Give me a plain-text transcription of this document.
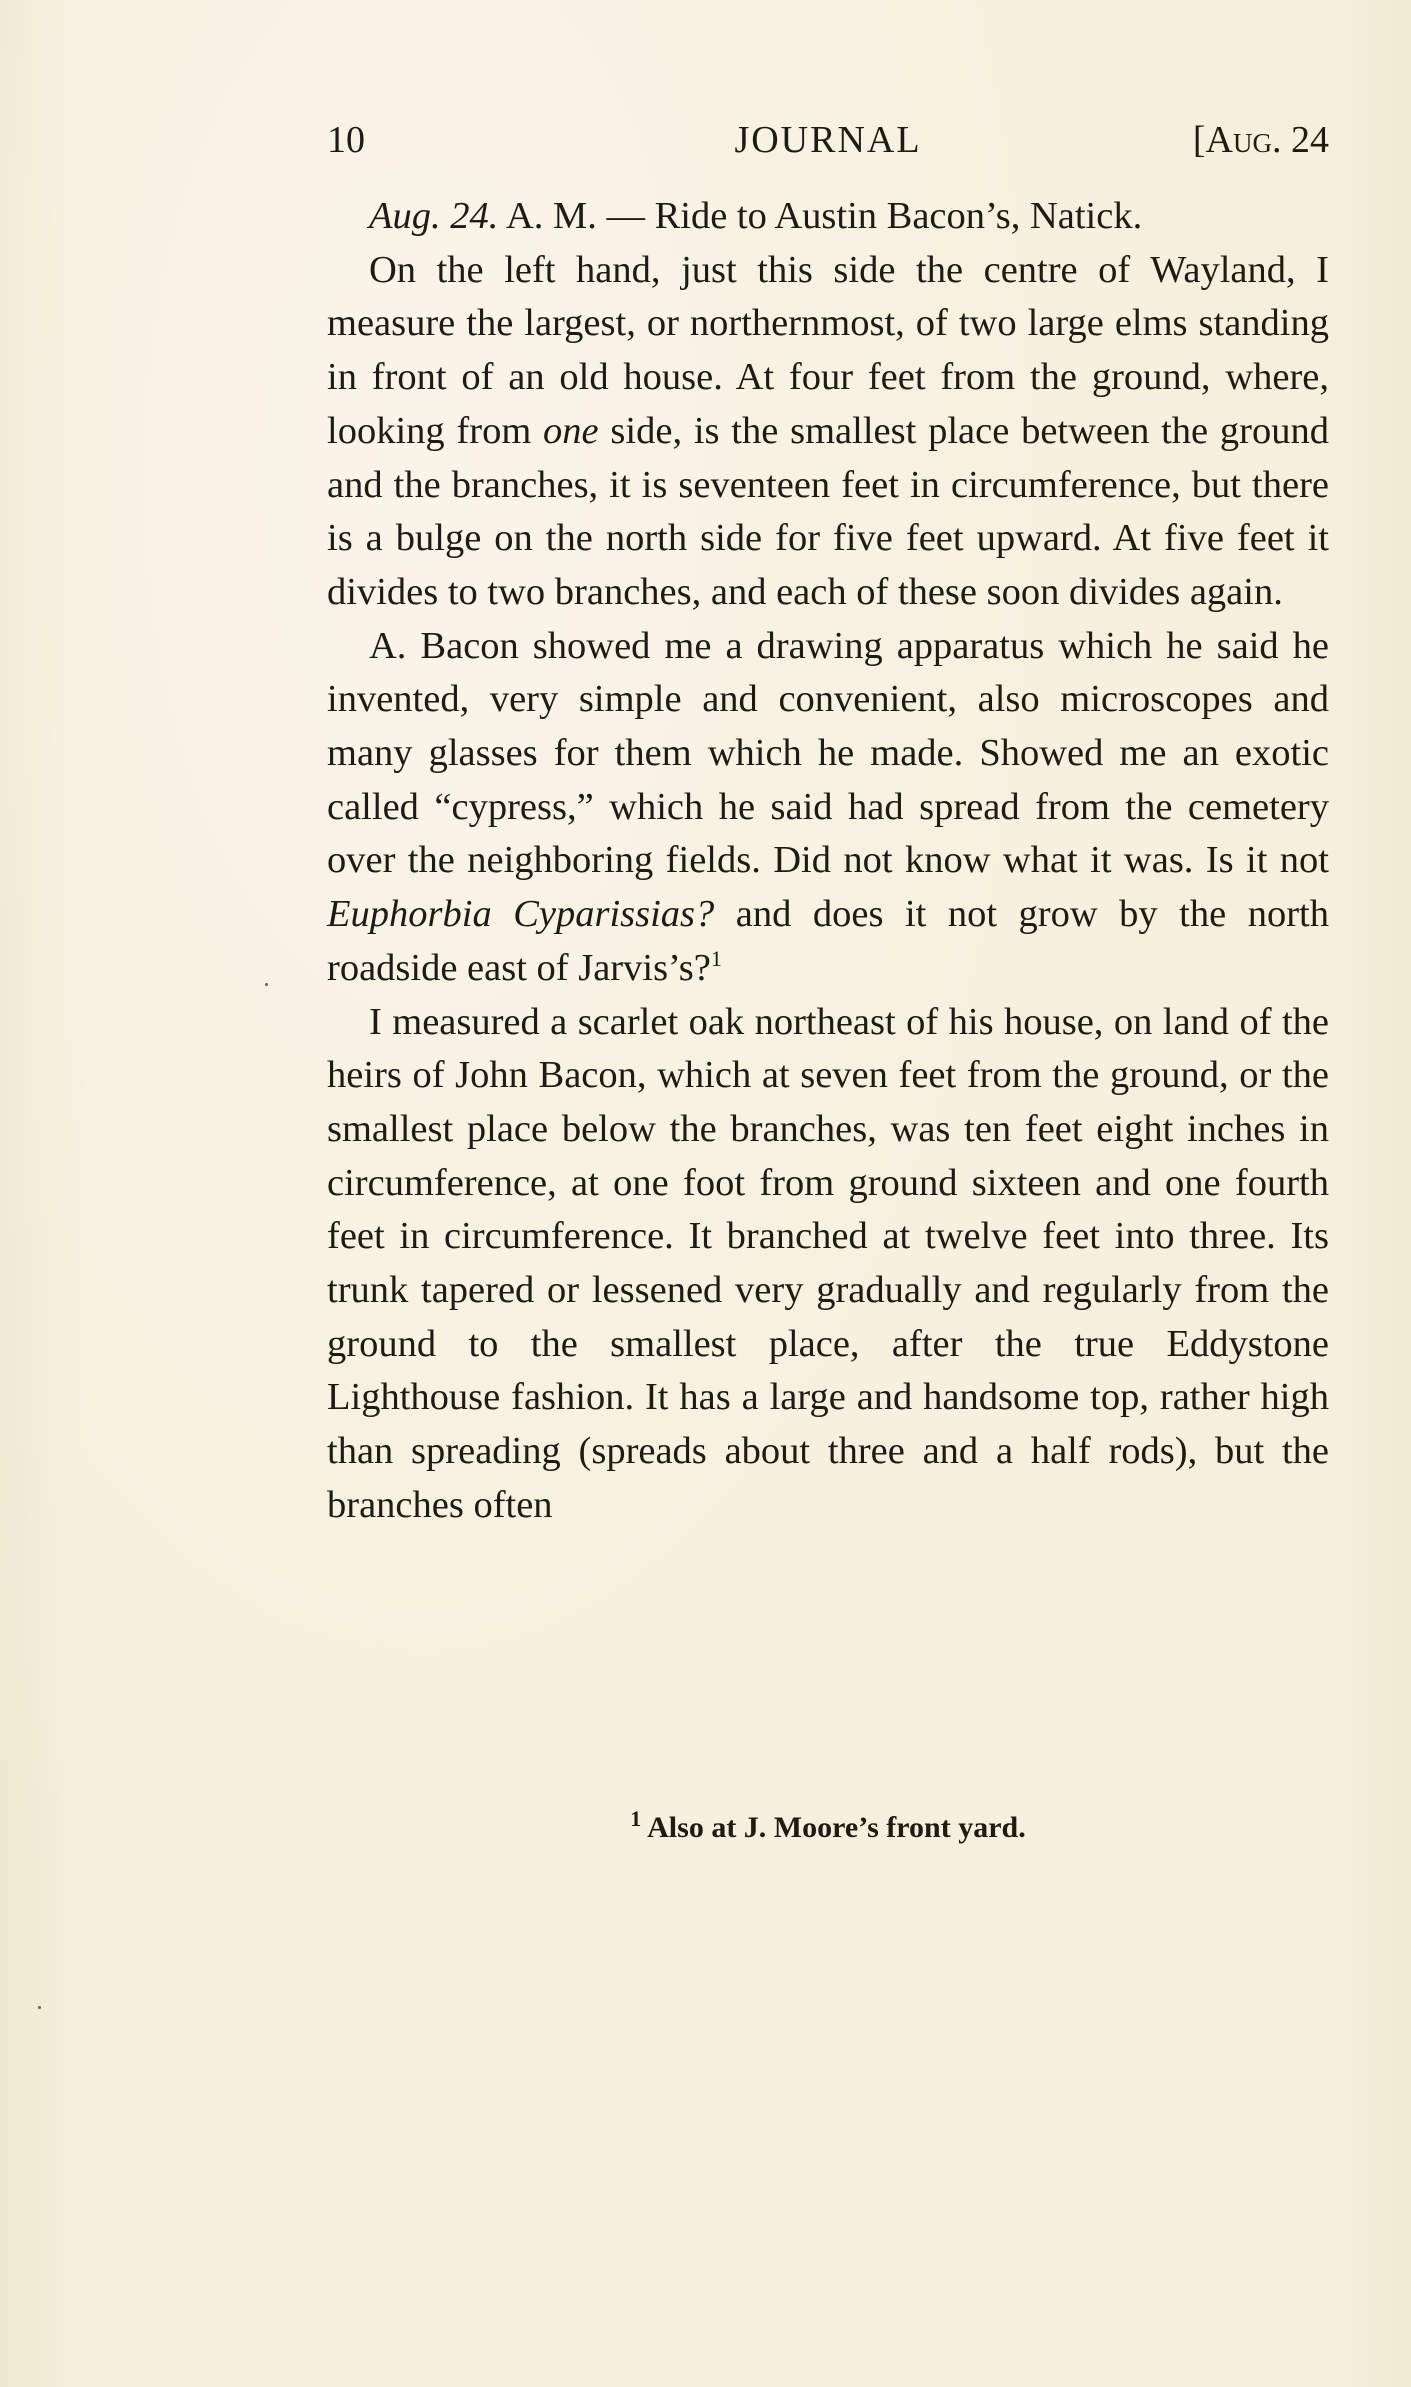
10	JOURNAL	[Aug. 24

Aug. 24. A. M. — Ride to Austin Bacon’s, Natick.

On the left hand, just this side the centre of Wayland, I measure the largest, or northernmost, of two large elms standing in front of an old house. At four feet from the ground, where, looking from one side, is the smallest place between the ground and the branches, it is seventeen feet in circumference, but there is a bulge on the north side for five feet upward. At five feet it divides to two branches, and each of these soon divides again.

A. Bacon showed me a drawing apparatus which he said he invented, very simple and convenient, also microscopes and many glasses for them which he made. Showed me an exotic called “cypress,” which he said had spread from the cemetery over the neighboring fields. Did not know what it was. Is it not Euphorbia Cyparissias? and does it not grow by the north roadside east of Jarvis’s?$^1$

I measured a scarlet oak northeast of his house, on land of the heirs of John Bacon, which at seven feet from the ground, or the smallest place below the branches, was ten feet eight inches in circumference, at one foot from ground sixteen and one fourth feet in circumference. It branched at twelve feet into three. Its trunk tapered or lessened very gradually and regularly from the ground to the smallest place, after the true Eddystone Lighthouse fashion. It has a large and handsome top, rather high than spreading (spreads about three and a half rods), but the branches often

$^1$ Also at J. Moore’s front yard.
